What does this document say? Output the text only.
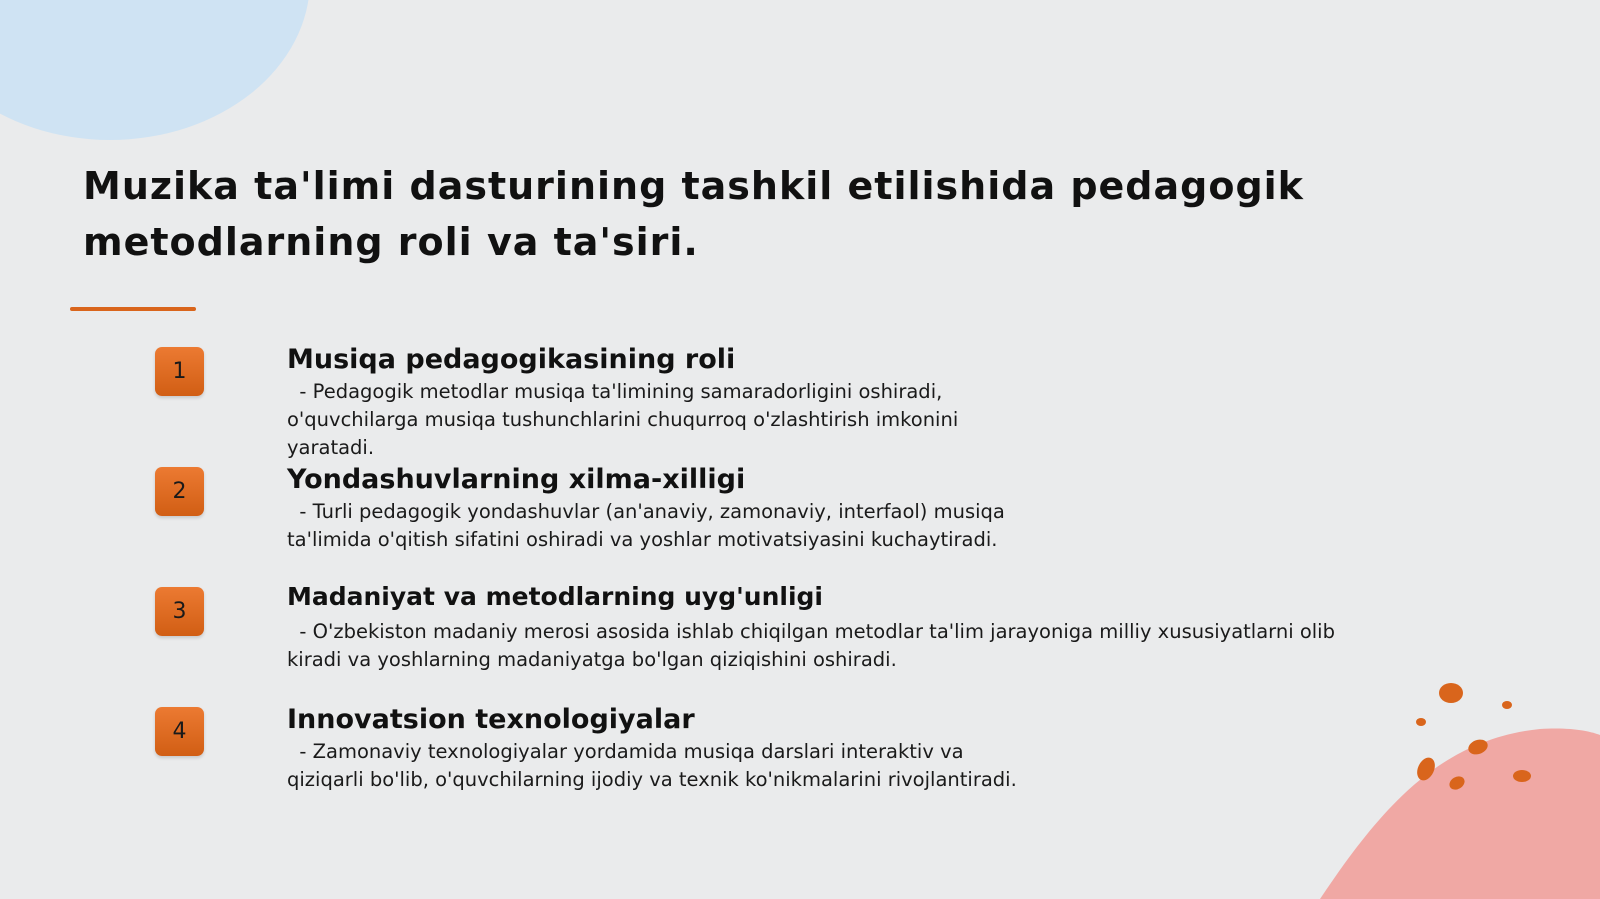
Muzika ta'limi dasturining tashkil etilishida pedagogik metodlarning roli va ta'siri.
1	Musiqa pedagogikasining roli
- Pedagogik metodlar musiqa ta'limining samaradorligini oshiradi,
o'quvchilarga musiqa tushunchlarini chuqurroq o'zlashtirish imkonini
yaratadi.
2	Yondashuvlarning xilma-xilligi
- Turli pedagogik yondashuvlar (an'anaviy, zamonaviy, interfaol) musiqa
ta'limida o'qitish sifatini oshiradi va yoshlar motivatsiyasini kuchaytiradi.
3
Madaniyat va metodlarning uyg'unligi
- O'zbekiston madaniy merosi asosida ishlab chiqilgan metodlar ta'lim jarayoniga milliy xususiyatlarni olib
kiradi va yoshlarning madaniyatga bo'lgan qiziqishini oshiradi.
4	Innovatsion texnologiyalar
- Zamonaviy texnologiyalar yordamida musiqa darslari interaktiv va
qiziqarli bo'lib, o'quvchilarning ijodiy va texnik ko'nikmalarini rivojlantiradi.
